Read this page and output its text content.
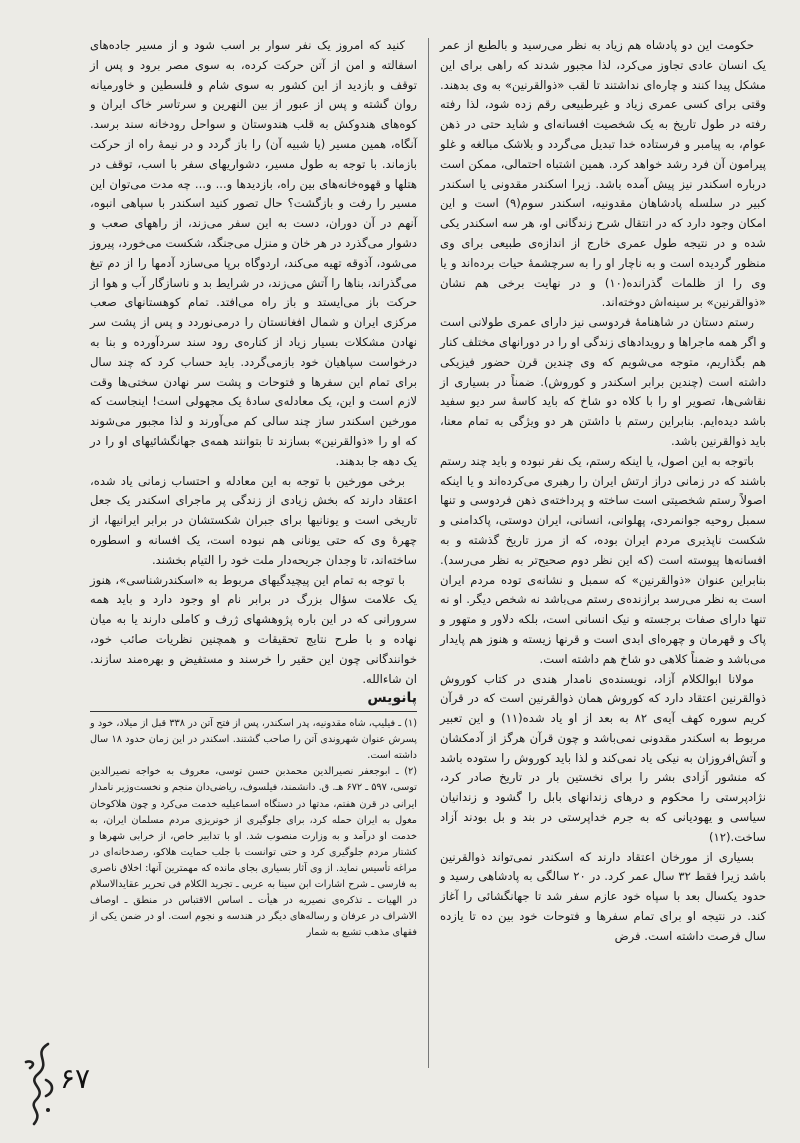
حکومت این دو پادشاه هم زیاد به نظر می‌رسید و بالطبع از عمر یک انسان عادی تجاوز می‌کرد، لذا مجبور شدند که راهی برای این مشکل پیدا کنند و چاره‌ای نداشتند تا لقب «ذوالقرنین» به وی بدهند. وقتی برای کسی عمری زیاد و غیرطبیعی رقم زده شود، لذا رفته رفته در طول تاریخ به یک شخصیت افسانه‌ای و شاید حتی در ذهن عوام، به پیامبر و فرستاده خدا تبدیل می‌گردد و بلاشک مبالغه و غلو پیرامون آن فرد رشد خواهد کرد. همین اشتباه احتمالی، ممکن است درباره اسکندر نیز پیش آمده باشد. زیرا اسکندر مقدونی یا اسکندر کبیر در سلسله پادشاهان مقدونیه، اسکندر سوم(۹) است و این امکان وجود دارد که در انتقال شرح زندگانی او، هر سه اسکندر یکی شده و در نتیجه طول عمری خارج از اندازه‌ی طبیعی برای وی منظور گردیده است و به ناچار او را به سرچشمه‌ٔ حیات برده‌اند و یا وی را از ظلمات گذرانده(۱۰) و در نهایت برخی هم نشان «ذوالقرنین» بر سینه‌اش دوخته‌اند.

رستم دستان در شاهنامه‌ٔ فردوسی نیز دارای عمری طولانی است و اگر همه ماجراها و رویدادهای زندگی او را در دورانهای مختلف کنار هم بگذاریم، متوجه می‌شویم که وی چندین قرن حضور فیزیکی داشته است (چندین برابر اسکندر و کوروش). ضمناً در بسیاری از نقاشی‌ها، تصویر او را با کلاه دو شاخ که باید کاسه‌ٔ سر دیو سفید باشد دیده‌ایم. بنابراین رستم با داشتن هر دو ویژگی به تمام معنا، باید ذوالقرنین باشد.

باتوجه به این اصول، یا اینکه رستم، یک نفر نبوده و باید چند رستم باشند که در زمانی دراز ارتش ایران را رهبری می‌کرده‌اند و یا اینکه اصولاً رستم شخصیتی است ساخته و پرداخته‌ی ذهن فردوسی و تنها سمبل روحیه جوانمردی، پهلوانی، انسانی، ایران دوستی، پاکدامنی و شکست ناپذیری مردم ایران بوده، که از مرز تاریخ گذشته و به افسانه‌ها پیوسته است (که این نظر دوم صحیح‌تر به نظر می‌رسد). بنابراین عنوان «ذوالقرنین» که سمبل و نشانه‌ی توده مردم ایران است به نظر می‌رسد برازنده‌ی رستم می‌باشد نه شخص دیگر. او نه تنها دارای صفات برجسته و نیک انسانی است، بلکه دلاور و متهور و پاک و قهرمان و چهره‌ای ابدی است و قرنها زیسته و هنوز هم پایدار می‌باشد و ضمناً کلاهی دو شاخ هم داشته است.

مولانا ابوالکلام آزاد، نویسنده‌ی نامدار هندی در کتاب کوروش ذوالقرنین اعتقاد دارد که کوروش همان ذوالقرنین است که در قرآن کریم سوره کهف آیه‌ی ۸۲ به بعد از او یاد شده(۱۱) و این تعبیر مربوط به اسکندر مقدونی نمی‌باشد و چون قرآن هرگز از آدمکشان و آتش‌افروزان به نیکی یاد نمی‌کند و لذا باید کوروش را ستوده باشد که منشور آزادی بشر را برای نخستین بار در تاریخ صادر کرد، نژادپرستی را محکوم و درهای زندانهای بابل را گشود و زندانیان سیاسی و یهودیانی که به جرم خداپرستی در بند و بل بودند آزاد ساخت.(۱۲)

بسیاری از مورخان اعتقاد دارند که اسکندر نمی‌تواند ذوالقرنین باشد زیرا فقط ۳۲ سال عمر کرد. در ۲۰ سالگی به پادشاهی رسید و حدود یکسال بعد با سپاه خود عازم سفر شد تا جهانگشائی را آغاز کند. در نتیجه او برای تمام سفرها و فتوحات خود بین ده تا یازده سال فرصت داشته است. فرض

کنید که امروز یک نفر سوار بر اسب شود و از مسیر جاده‌های اسفالته و امن از آتن حرکت کرده، به سوی مصر برود و پس از توقف و بازدید از این کشور به سوی شام و فلسطین و خاورمیانه روان گشته و پس از عبور از بین النهرین و سرتاسر خاک ایران و کوه‌های هندوکش به قلب هندوستان و سواحل رودخانه سند برسد. آنگاه، همین مسیر (یا شبیه آن) را باز گردد و در نیمه‌ٔ راه از حرکت بازماند. با توجه به طول مسیر، دشواریهای سفر با اسب، توقف در هتلها و قهوه‌خانه‌های بین راه، بازدیدها و... و... چه مدت می‌توان این مسیر را رفت و بازگشت؟ حال تصور کنید اسکندر با سپاهی انبوه، آنهم در آن دوران، دست به این سفر می‌زند، از راههای صعب و دشوار می‌گذرد در هر خان و منزل می‌جنگد، شکست می‌خورد، پیروز می‌شود، آذوقه تهیه می‌کند، اردوگاه برپا می‌سازد آدمها را از دم تیغ می‌گذراند، بناها را آتش می‌زند، در شرایط بد و ناسازگار آب و هوا از حرکت باز می‌ایستد و باز راه می‌افتد. تمام کوهستانهای صعب مرکزی ایران و شمال افغانستان را درمی‌نوردد و پس از پشت سر نهادن مشکلات بسیار زیاد از کناره‌ی رود سند سرد‌آورده و بنا به درخواست سپاهیان خود بازمی‌گردد. باید حساب کرد که چند سال برای تمام این سفرها و فتوحات و پشت سر نهادن سختی‌ها وقت لازم است و این، یک معادله‌ی ساده‌ٔ یک مجهولی است! اینجاست که مورخین اسکندر ساز چند سالی کم می‌آورند و لذا مجبور می‌شوند که او را «ذوالقرنین» بسازند تا بتوانند همه‌ی جهانگشائیهای او را در یک دهه جا بدهند.

برخی مورخین با توجه به این معادله و احتساب زمانی یاد شده، اعتقاد دارند که بخش زیادی از زندگی پر ماجرای اسکندر یک جعل تاریخی است و یونانیها برای جبران شکستشان در برابر ایرانیها، از چهره‌ٔ وی که حتی یونانی هم نبوده است، یک افسانه و اسطوره ساخته‌اند، تا وجدان جریحه‌دار ملت خود را التیام بخشند.

با توجه به تمام این پیچیدگیهای مربوط به «اسکندرشناسی»، هنوز یک علامت سؤال بزرگ در برابر نام او وجود دارد و باید همه سرورانی که در این باره پژوهشهای ژرف و کاملی دارند یا به میان نهاده و با طرح نتایج تحقیقات و همچنین نظریات صائب خود، خوانندگانی چون این حقیر را خرسند و مستفیض و بهره‌مند سازند. ان شاءالله.

پانویس

(۱) ـ فیلیپ، شاه مقدونیه، پدر اسکندر، پس از فتح آتن در ۳۳۸ قبل از میلاد، خود و پسرش عنوان شهروندی آتن را صاحب گشتند. اسکندر در این زمان حدود ۱۸ سال داشته است.

(۲) ـ ابوجعفر نصیرالدین محمدبن حسن توسی، معروف به خواجه نصیرالدین توسی، ۵۹۷ ـ ۶۷۲ هـ. ق. دانشمند، فیلسوف، ریاضی‌دان منجم و نخست‌وزیر نامدار ایرانی در قرن هفتم، مدتها در دستگاه اسماعیلیه خدمت می‌کرد و چون هلاکوخان مغول به ایران حمله کرد، برای جلوگیری از خونریزی مردم مسلمان ایران، به خدمت او درآمد و به وزارت منصوب شد. او با تدابیر خاص، از خرابی شهرها و کشتار مردم جلوگیری کرد و حتی توانست با جلب حمایت هلاکو، رصدخانه‌ای در مراغه تأسیس نماید. از وی آثار بسیاری بجای مانده که مهمترین آنها: اخلاق ناصری به فارسی ـ شرح اشارات ابن سینا به عربی ـ تجرید الکلام فی تحریر عقایدالاسلام در الهیات ـ تذکره‌ی نصیریه در هیأت ـ اساس الاقتباس در منطق ـ اوصاف الاشراف در عرفان و رساله‌های دیگر در هندسه و نجوم است. او در ضمن یکی از فقهای مذهب تشیع به شمار

۶۷
